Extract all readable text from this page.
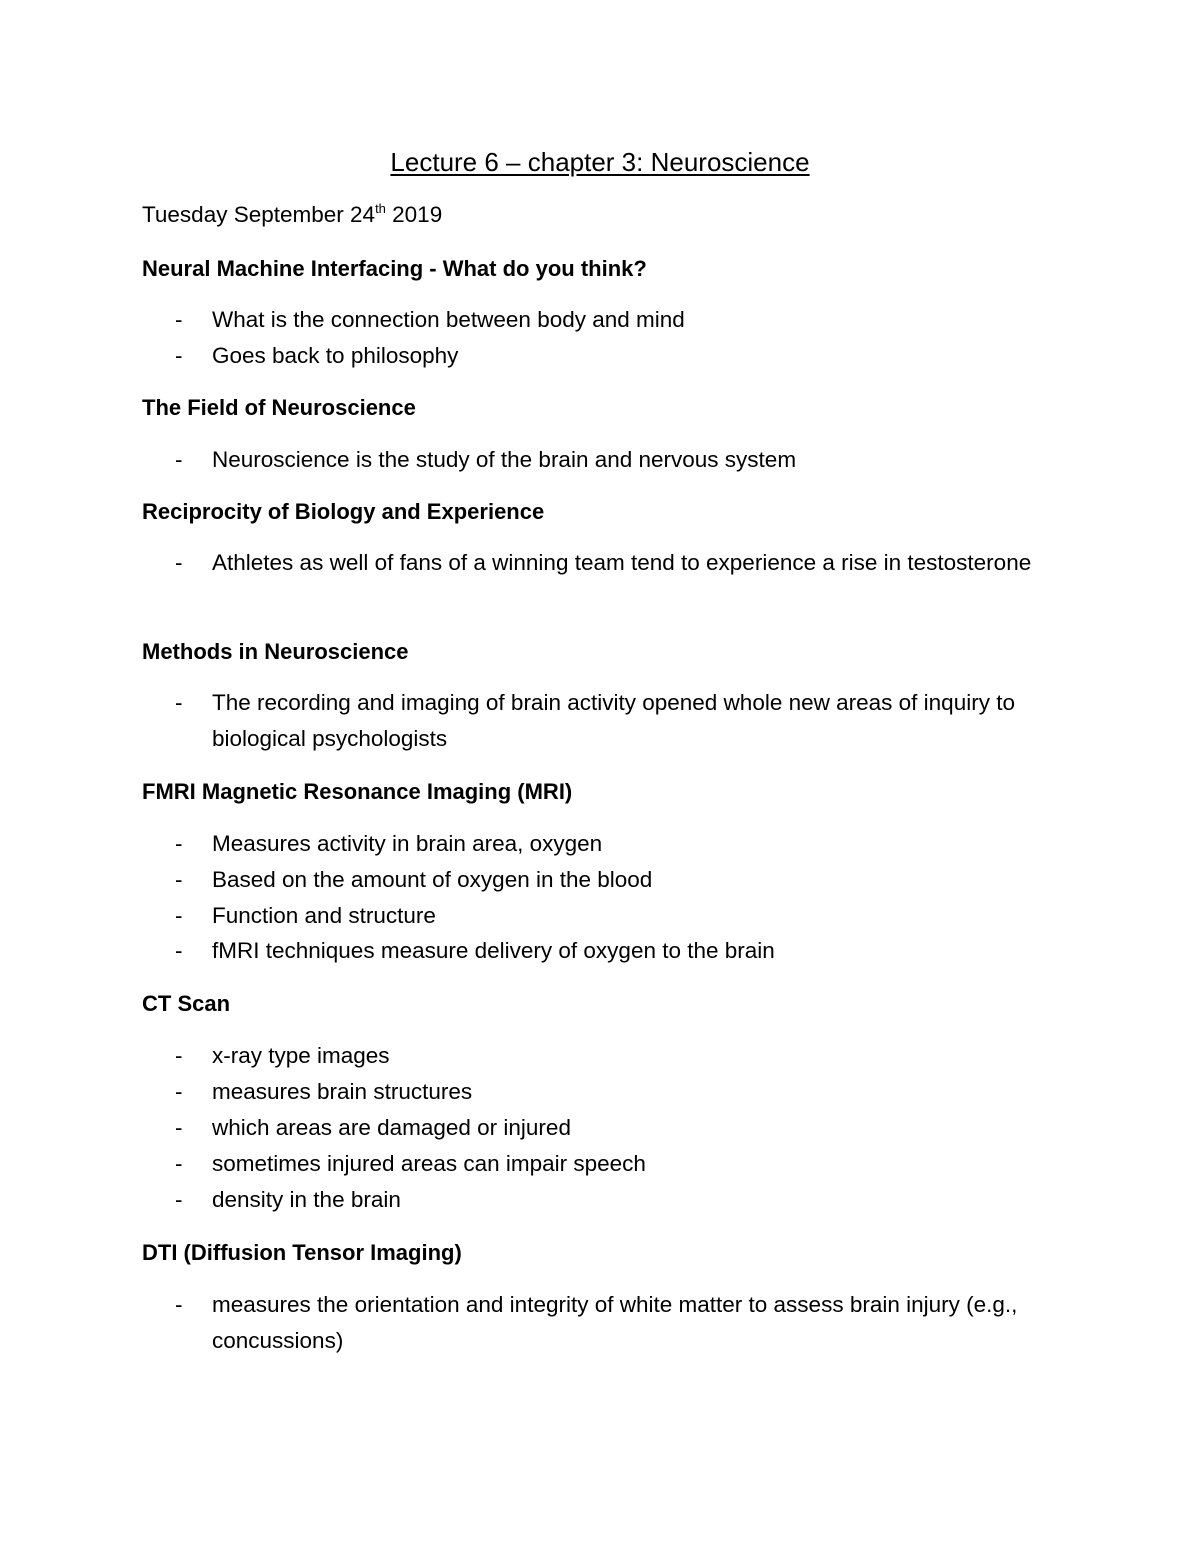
Lecture 6 – chapter 3: Neuroscience
Tuesday September 24th 2019
Neural Machine Interfacing - What do you think?
- What is the connection between body and mind
- Goes back to philosophy
The Field of Neuroscience
- Neuroscience is the study of the brain and nervous system
Reciprocity of Biology and Experience
- Athletes as well of fans of a winning team tend to experience a rise in testosterone
Methods in Neuroscience
- The recording and imaging of brain activity opened whole new areas of inquiry to biological psychologists
FMRI Magnetic Resonance Imaging (MRI)
- Measures activity in brain area, oxygen
- Based on the amount of oxygen in the blood
- Function and structure
- fMRI techniques measure delivery of oxygen to the brain
CT Scan
- x-ray type images
- measures brain structures
- which areas are damaged or injured
- sometimes injured areas can impair speech
- density in the brain
DTI (Diffusion Tensor Imaging)
- measures the orientation and integrity of white matter to assess brain injury (e.g., concussions)
